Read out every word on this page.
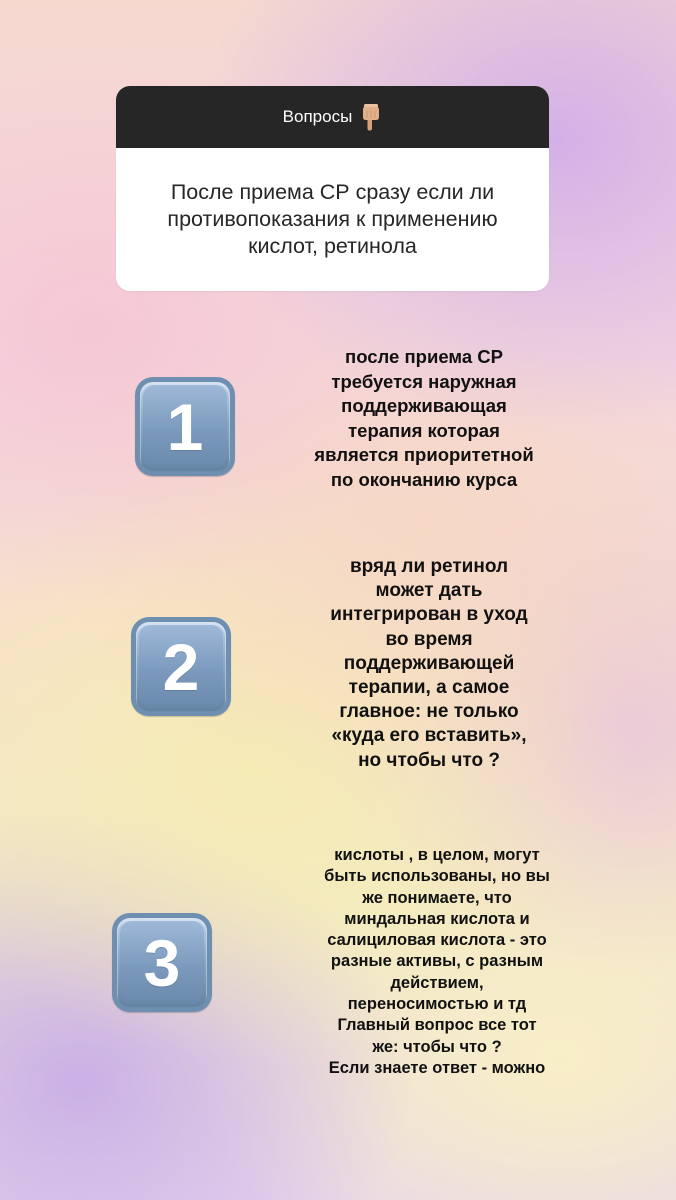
Вопросы
После приема СР сразу если ли
противопоказания к применению
кислот, ретинола
1
после приема СР
требуется наружная
поддерживающая
терапия которая
является приоритетной
по окончанию курса
2
вряд ли ретинол
может дать
интегрирован в уход
во время
поддерживающей
терапии, а самое
главное: не только
«куда его вставить»,
но чтобы что ?
3
кислоты , в целом, могут
быть использованы, но вы
же понимаете, что
миндальная кислота и
салициловая кислота - это
разные активы, с разным
действием,
переносимостью и тд
Главный вопрос все тот
же: чтобы что ?
Если знаете ответ - можно
